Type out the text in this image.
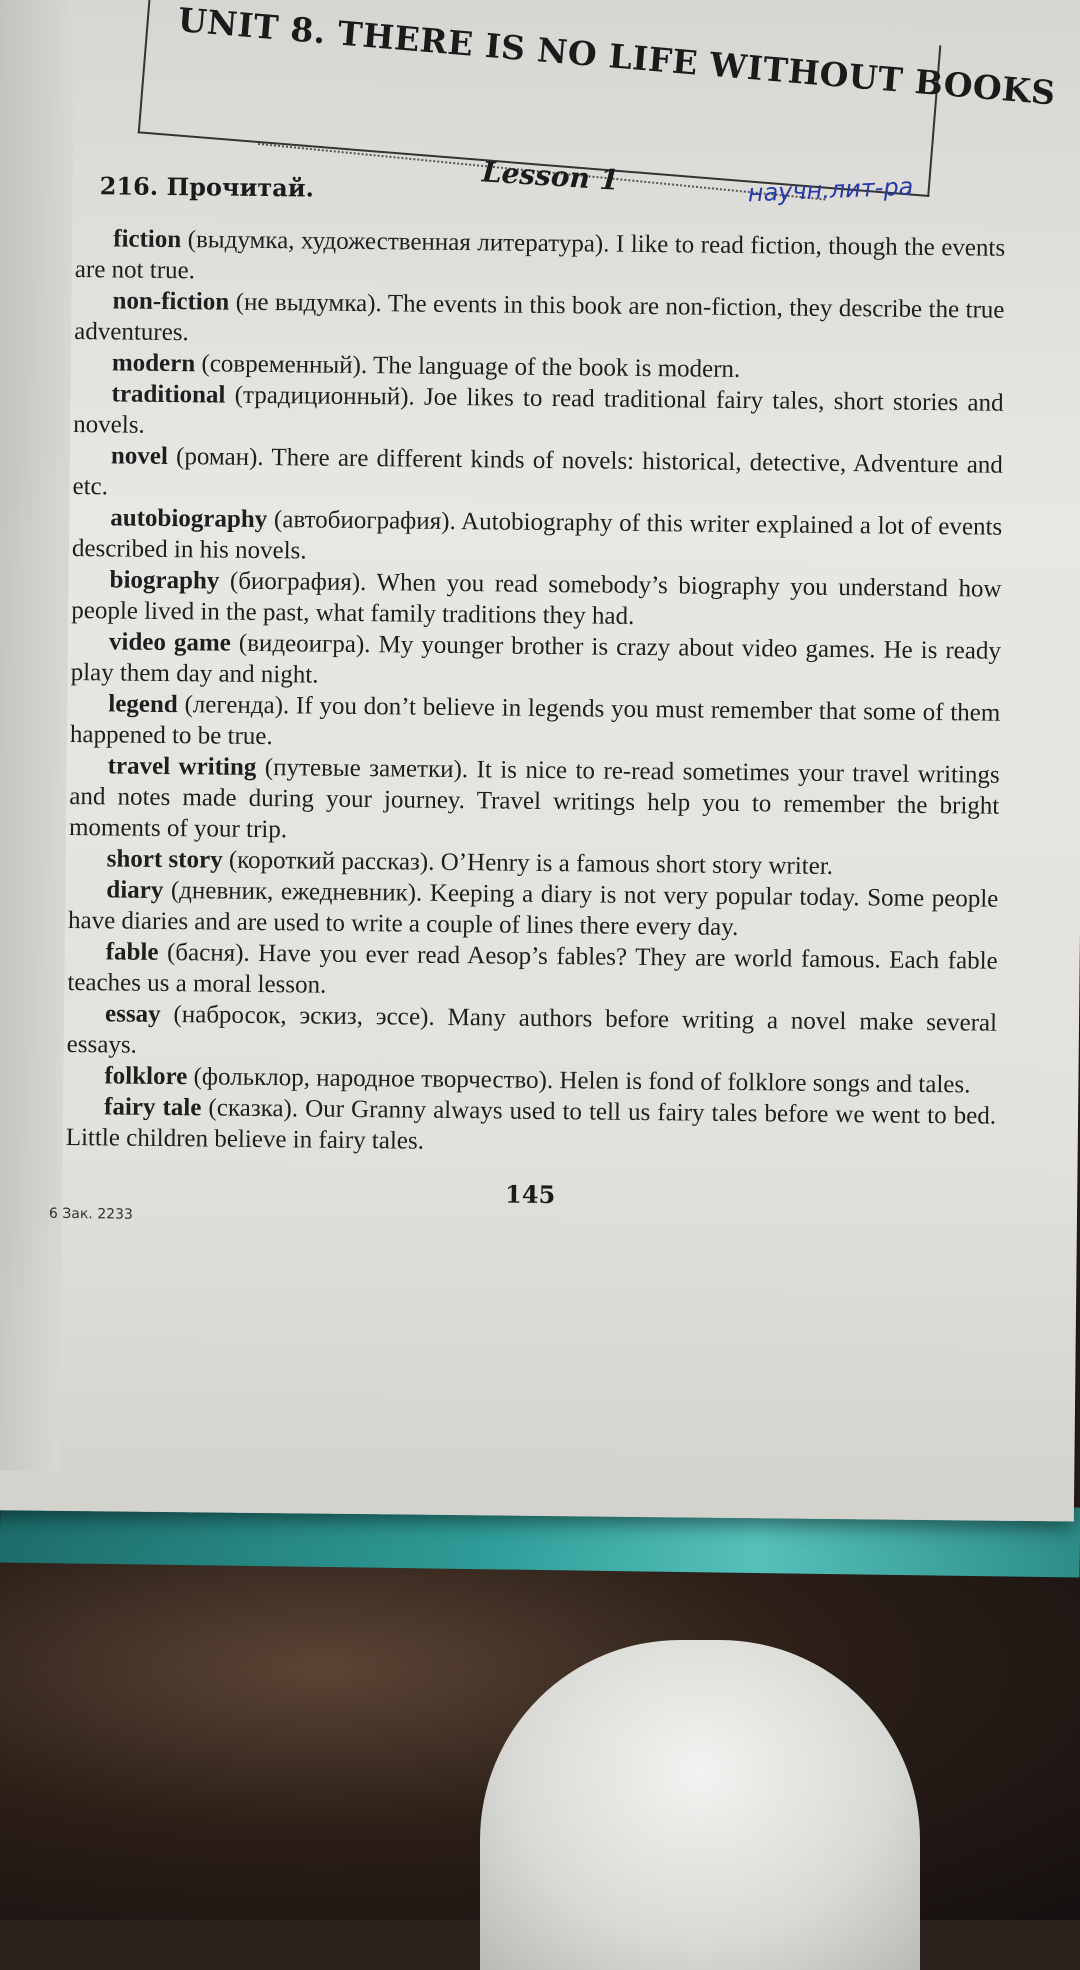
UNIT 8. THERE IS NO LIFE WITHOUT BOOKS
Lesson 1
216. Прочитай.	научн.лит-ра

fiction (выдумка, художественная литература). I like to read fiction, though the events are not true.

non-fiction (не выдумка). The events in this book are non-fiction, they describe the true adventures.

modern (современный). The language of the book is modern.

traditional (традиционный). Joe likes to read traditional fairy tales, short stories and novels.

novel (роман). There are different kinds of novels: historical, detective, Adventure and etc.

autobiography (автобиография). Autobiography of this writer explained a lot of events described in his novels.

biography (биография). When you read somebody’s biography you understand how people lived in the past, what family traditions they had.

video game (видеоигра). My younger brother is crazy about video games. He is ready play them day and night.

legend (легенда). If you don’t believe in legends you must remember that some of them happened to be true.

travel writing (путевые заметки). It is nice to re-read sometimes your travel writings and notes made during your journey. Travel writings help you to remember the bright moments of your trip.

short story (короткий рассказ). O’Henry is a famous short story writer.

diary (дневник, ежедневник). Keeping a diary is not very popular today. Some people have diaries and are used to write a couple of lines there every day.

fable (басня). Have you ever read Aesop’s fables? They are world famous. Each fable teaches us a moral lesson.

essay (набросок, эскиз, эссе). Many authors before writing a novel make several essays.

folklore (фольклор, народное творчество). Helen is fond of folklore songs and tales.

fairy tale (сказка). Our Granny always used to tell us fairy tales before we went to bed. Little children believe in fairy tales.

145
6 Зак. 2233
